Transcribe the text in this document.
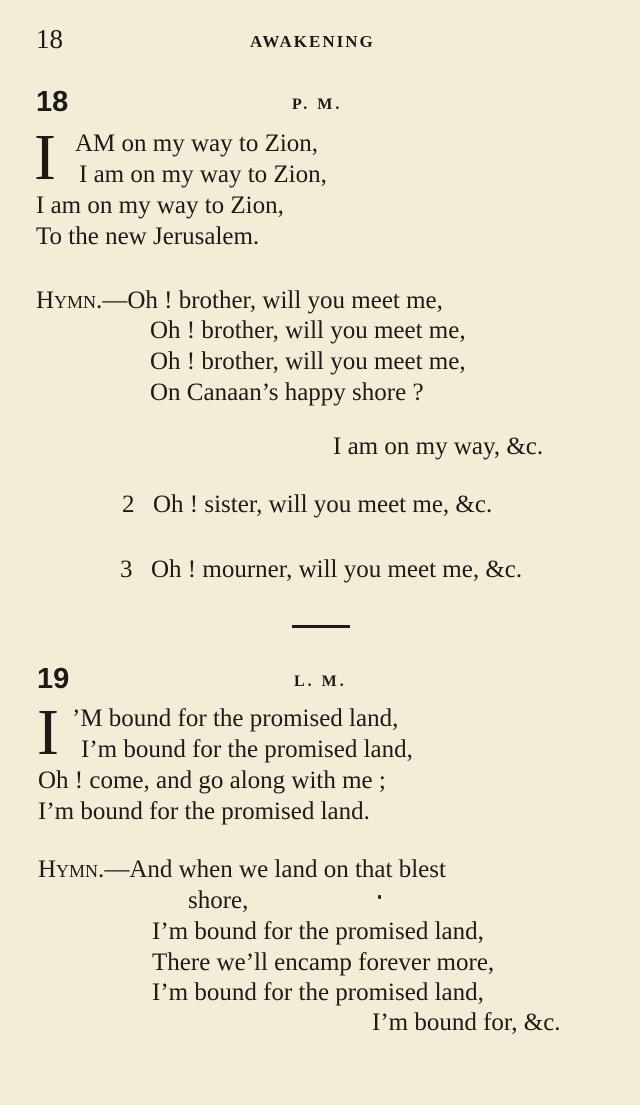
18	AWAKENING
18	P. M.
I AM on my way to Zion,
I am on my way to Zion,
I am on my way to Zion,
To the new Jerusalem.
Hymn.—Oh ! brother, will you meet me,
Oh ! brother, will you meet me,
Oh ! brother, will you meet me,
On Canaan’s happy shore ?
I am on my way, &c.
2 Oh ! sister, will you meet me, &c.
3 Oh ! mourner, will you meet me, &c.
19	L. M.
I ’M bound for the promised land,
I’m bound for the promised land,
Oh ! come, and go along with me ;
I’m bound for the promised land.
Hymn.—And when we land on that blest
shore,
I’m bound for the promised land,
There we’ll encamp forever more,
I’m bound for the promised land,
I’m bound for, &c.
